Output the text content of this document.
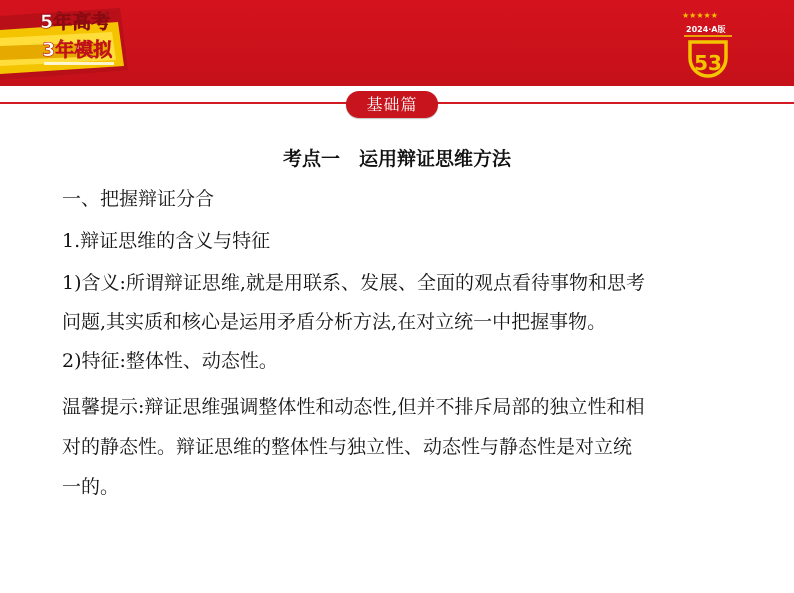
5年高考
3年模拟
★★★★★
2024·A版
53
基础篇
考点一　运用辩证思维方法
一、把握辩证分合
1.辩证思维的含义与特征
1)含义:所谓辩证思维,就是用联系、发展、全面的观点看待事物和思考
问题,其实质和核心是运用矛盾分析方法,在对立统一中把握事物。
2)特征:整体性、动态性。
温馨提示:辩证思维强调整体性和动态性,但并不排斥局部的独立性和相
对的静态性。辩证思维的整体性与独立性、动态性与静态性是对立统
一的。
